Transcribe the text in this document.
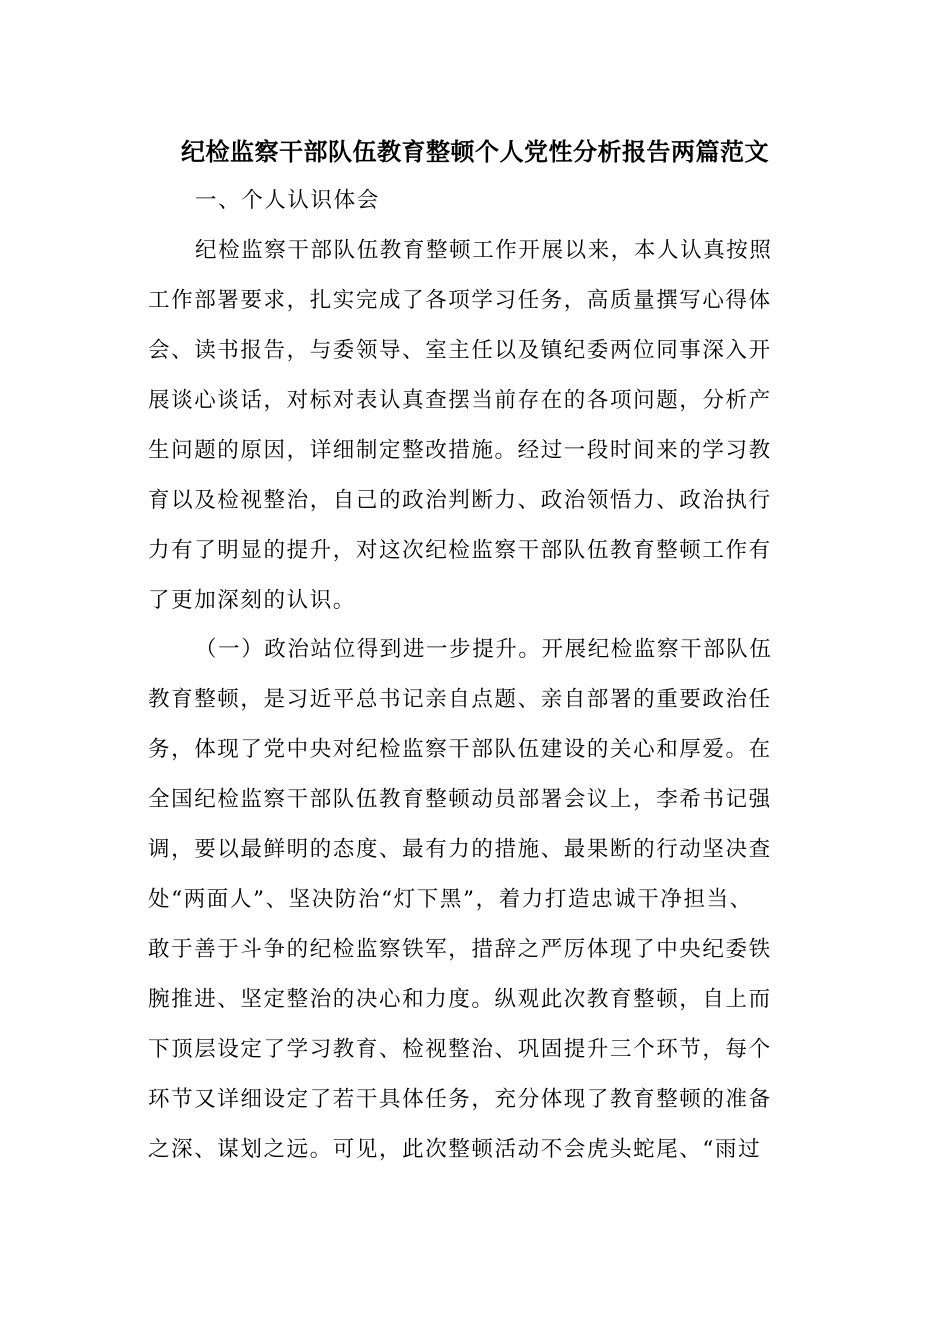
纪检监察干部队伍教育整顿个人党性分析报告两篇范文
一、个人认识体会
纪检监察干部队伍教育整顿工作开展以来，本人认真按照
工作部署要求，扎实完成了各项学习任务，高质量撰写心得体
会、读书报告，与委领导、室主任以及镇纪委两位同事深入开
展谈心谈话，对标对表认真查摆当前存在的各项问题，分析产
生问题的原因，详细制定整改措施。经过一段时间来的学习教
育以及检视整治，自己的政治判断力、政治领悟力、政治执行
力有了明显的提升，对这次纪检监察干部队伍教育整顿工作有
了更加深刻的认识。
（一）政治站位得到进一步提升。开展纪检监察干部队伍
教育整顿，是习近平总书记亲自点题、亲自部署的重要政治任
务，体现了党中央对纪检监察干部队伍建设的关心和厚爱。在
全国纪检监察干部队伍教育整顿动员部署会议上，李希书记强
调，要以最鲜明的态度、最有力的措施、最果断的行动坚决查
处“两面人”、坚决防治“灯下黑”，着力打造忠诚干净担当、
敢于善于斗争的纪检监察铁军，措辞之严厉体现了中央纪委铁
腕推进、坚定整治的决心和力度。纵观此次教育整顿，自上而
下顶层设定了学习教育、检视整治、巩固提升三个环节，每个
环节又详细设定了若干具体任务，充分体现了教育整顿的准备
之深、谋划之远。可见，此次整顿活动不会虎头蛇尾、“雨过
